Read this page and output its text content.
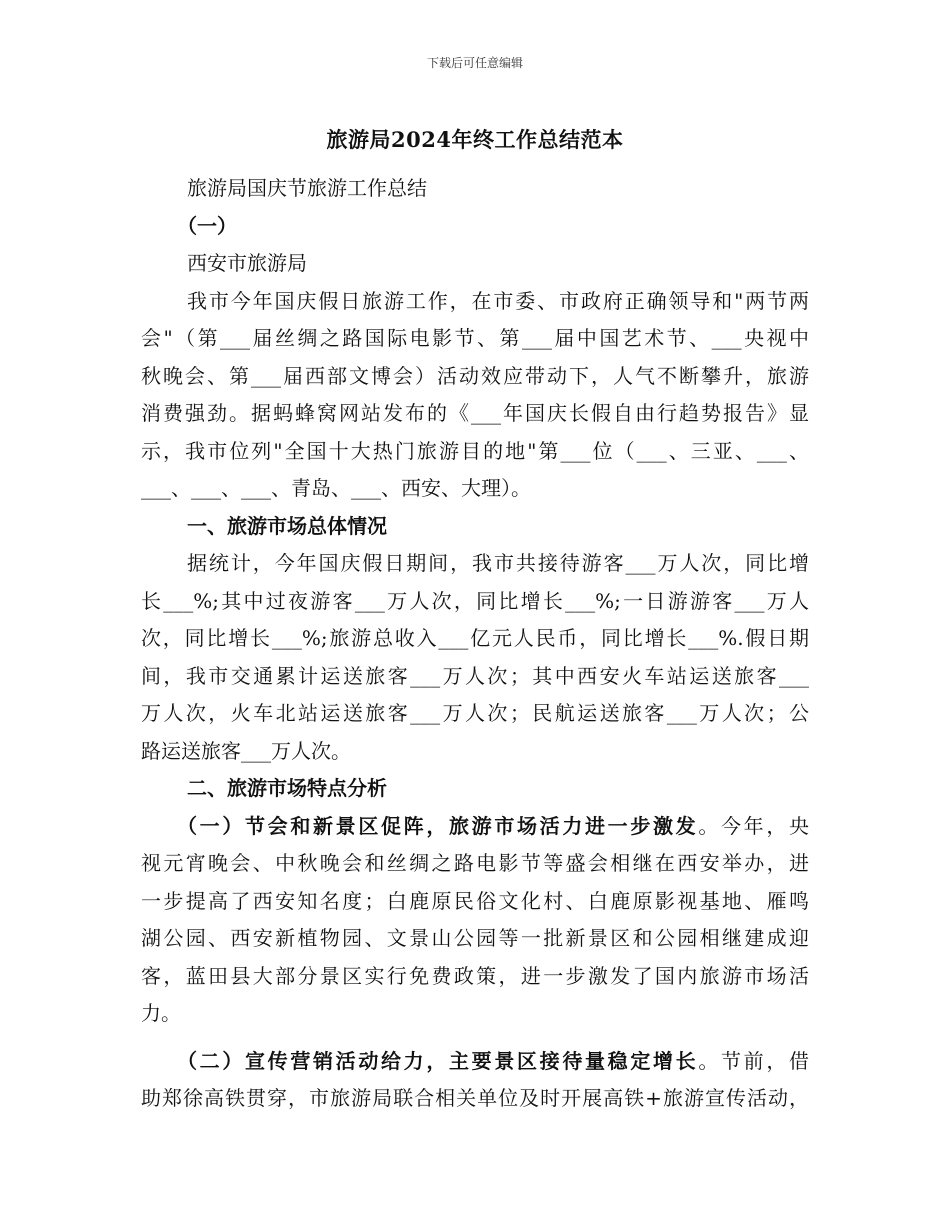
下载后可任意编辑
旅游局2024年终工作总结范本
旅游局国庆节旅游工作总结
（一）
西安市旅游局
我市今年国庆假日旅游工作，在市委、市政府正确领导和"两节两
会"（第___届丝绸之路国际电影节、第___届中国艺术节、___央视中
秋晚会、第___届西部文博会）活动效应带动下，人气不断攀升，旅游
消费强劲。据蚂蜂窝网站发布的《___年国庆长假自由行趋势报告》显
示，我市位列"全国十大热门旅游目的地"第___位（___、三亚、___、
___、___、___、青岛、___、西安、大理）。
一、旅游市场总体情况
据统计，今年国庆假日期间，我市共接待游客___万人次，同比增
长___%;其中过夜游客___万人次，同比增长___%;一日游游客___万人
次，同比增长___%;旅游总收入___亿元人民币，同比增长___%.假日期
间，我市交通累计运送旅客___万人次；其中西安火车站运送旅客___
万人次，火车北站运送旅客___万人次；民航运送旅客___万人次；公
路运送旅客___万人次。
二、旅游市场特点分析
（一）节会和新景区促阵，旅游市场活力进一步激发。今年，央
视元宵晚会、中秋晚会和丝绸之路电影节等盛会相继在西安举办，进
一步提高了西安知名度；白鹿原民俗文化村、白鹿原影视基地、雁鸣
湖公园、西安新植物园、文景山公园等一批新景区和公园相继建成迎
客，蓝田县大部分景区实行免费政策，进一步激发了国内旅游市场活
力。
（二）宣传营销活动给力，主要景区接待量稳定增长。节前，借
助郑徐高铁贯穿，市旅游局联合相关单位及时开展高铁+旅游宣传活动，
